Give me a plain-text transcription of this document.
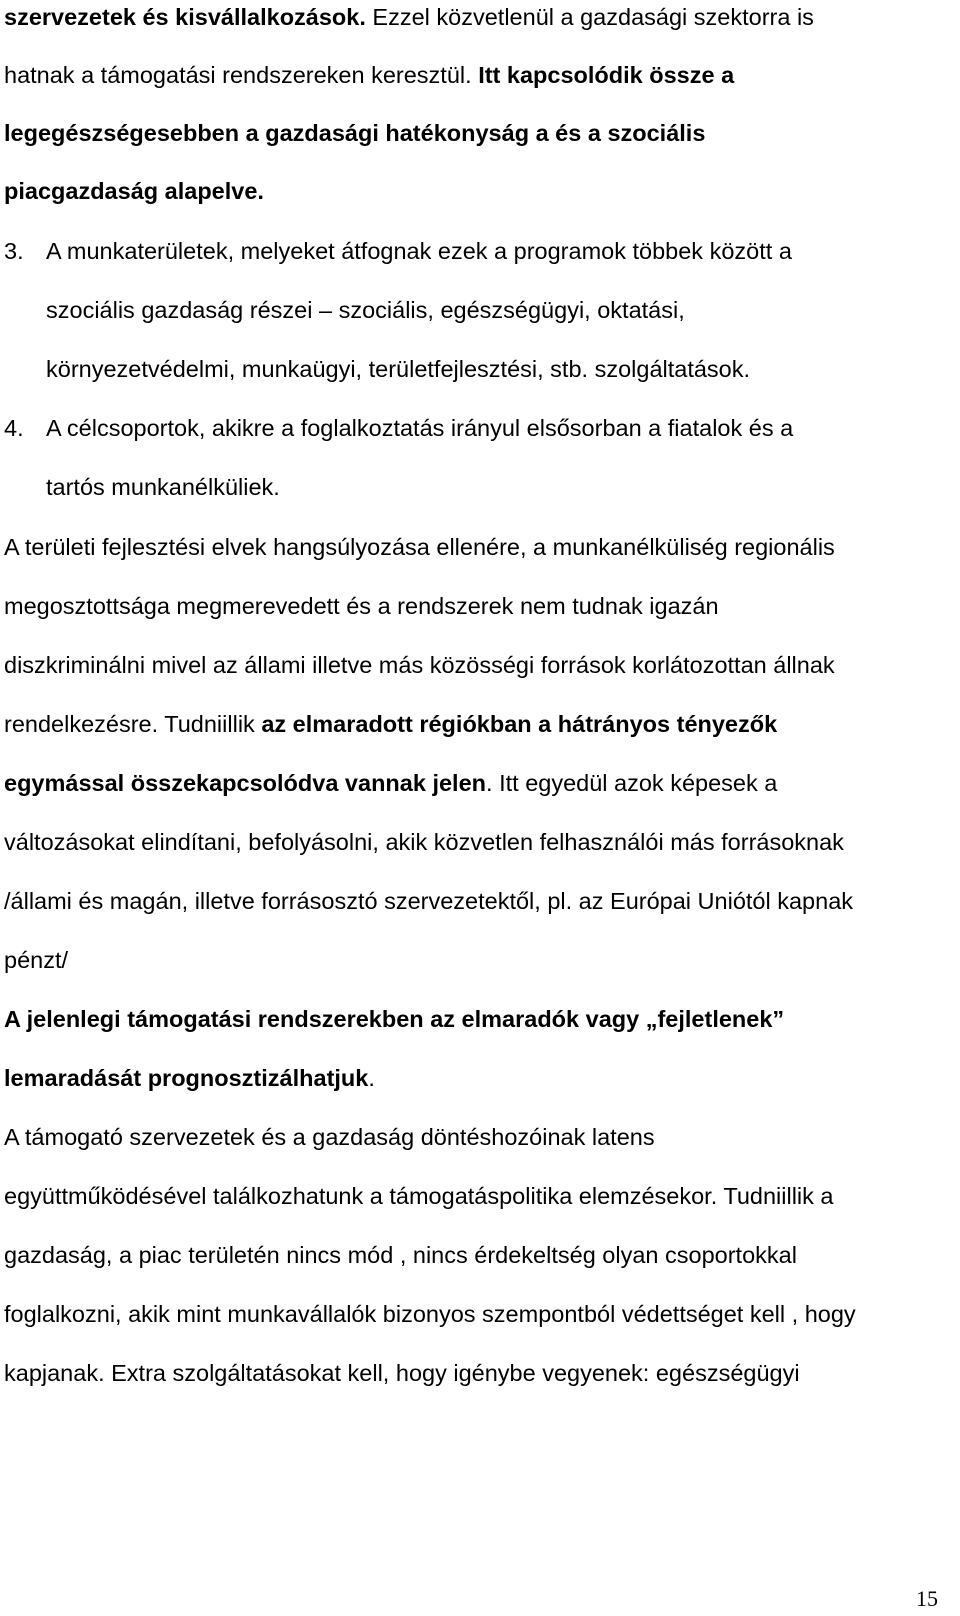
szervezetek és kisvállalkozások. Ezzel közvetlenül a gazdasági szektorra is
hatnak a támogatási rendszereken keresztül. Itt kapcsolódik össze a
legegészségesebben a gazdasági hatékonyság a és a szociális
piacgazdaság alapelve.
3. A munkaterületek, melyeket átfognak ezek a programok többek között a
szociális gazdaság részei – szociális, egészségügyi, oktatási,
környezetvédelmi, munkaügyi, területfejlesztési, stb. szolgáltatások.
4. A célcsoportok, akikre a foglalkoztatás irányul elsősorban a fiatalok és a
tartós munkanélküliek.
A területi fejlesztési elvek hangsúlyozása ellenére, a munkanélküliség regionális
megosztottsága megmerevedett és a rendszerek nem tudnak igazán
diszkriminálni mivel az állami illetve más közösségi források korlátozottan állnak
rendelkezésre. Tudniillik az elmaradott régiókban a hátrányos tényezők
egymással összekapcsolódva vannak jelen. Itt egyedül azok képesek a
változásokat elindítani, befolyásolni, akik közvetlen felhasználói más forrásoknak
/állami és magán, illetve forrásosztó szervezetektől, pl. az Európai Uniótól kapnak
pénzt/
A jelenlegi támogatási rendszerekben az elmaradók vagy „fejletlenek”
lemaradását prognosztizálhatjuk.
A támogató szervezetek és a gazdaság döntéshozóinak latens
együttműködésével találkozhatunk a támogatáspolitika elemzésekor. Tudniillik a
gazdaság, a piac területén nincs mód , nincs érdekeltség olyan csoportokkal
foglalkozni, akik mint munkavállalók bizonyos szempontból védettséget kell , hogy
kapjanak. Extra szolgáltatásokat kell, hogy igénybe vegyenek: egészségügyi
15
